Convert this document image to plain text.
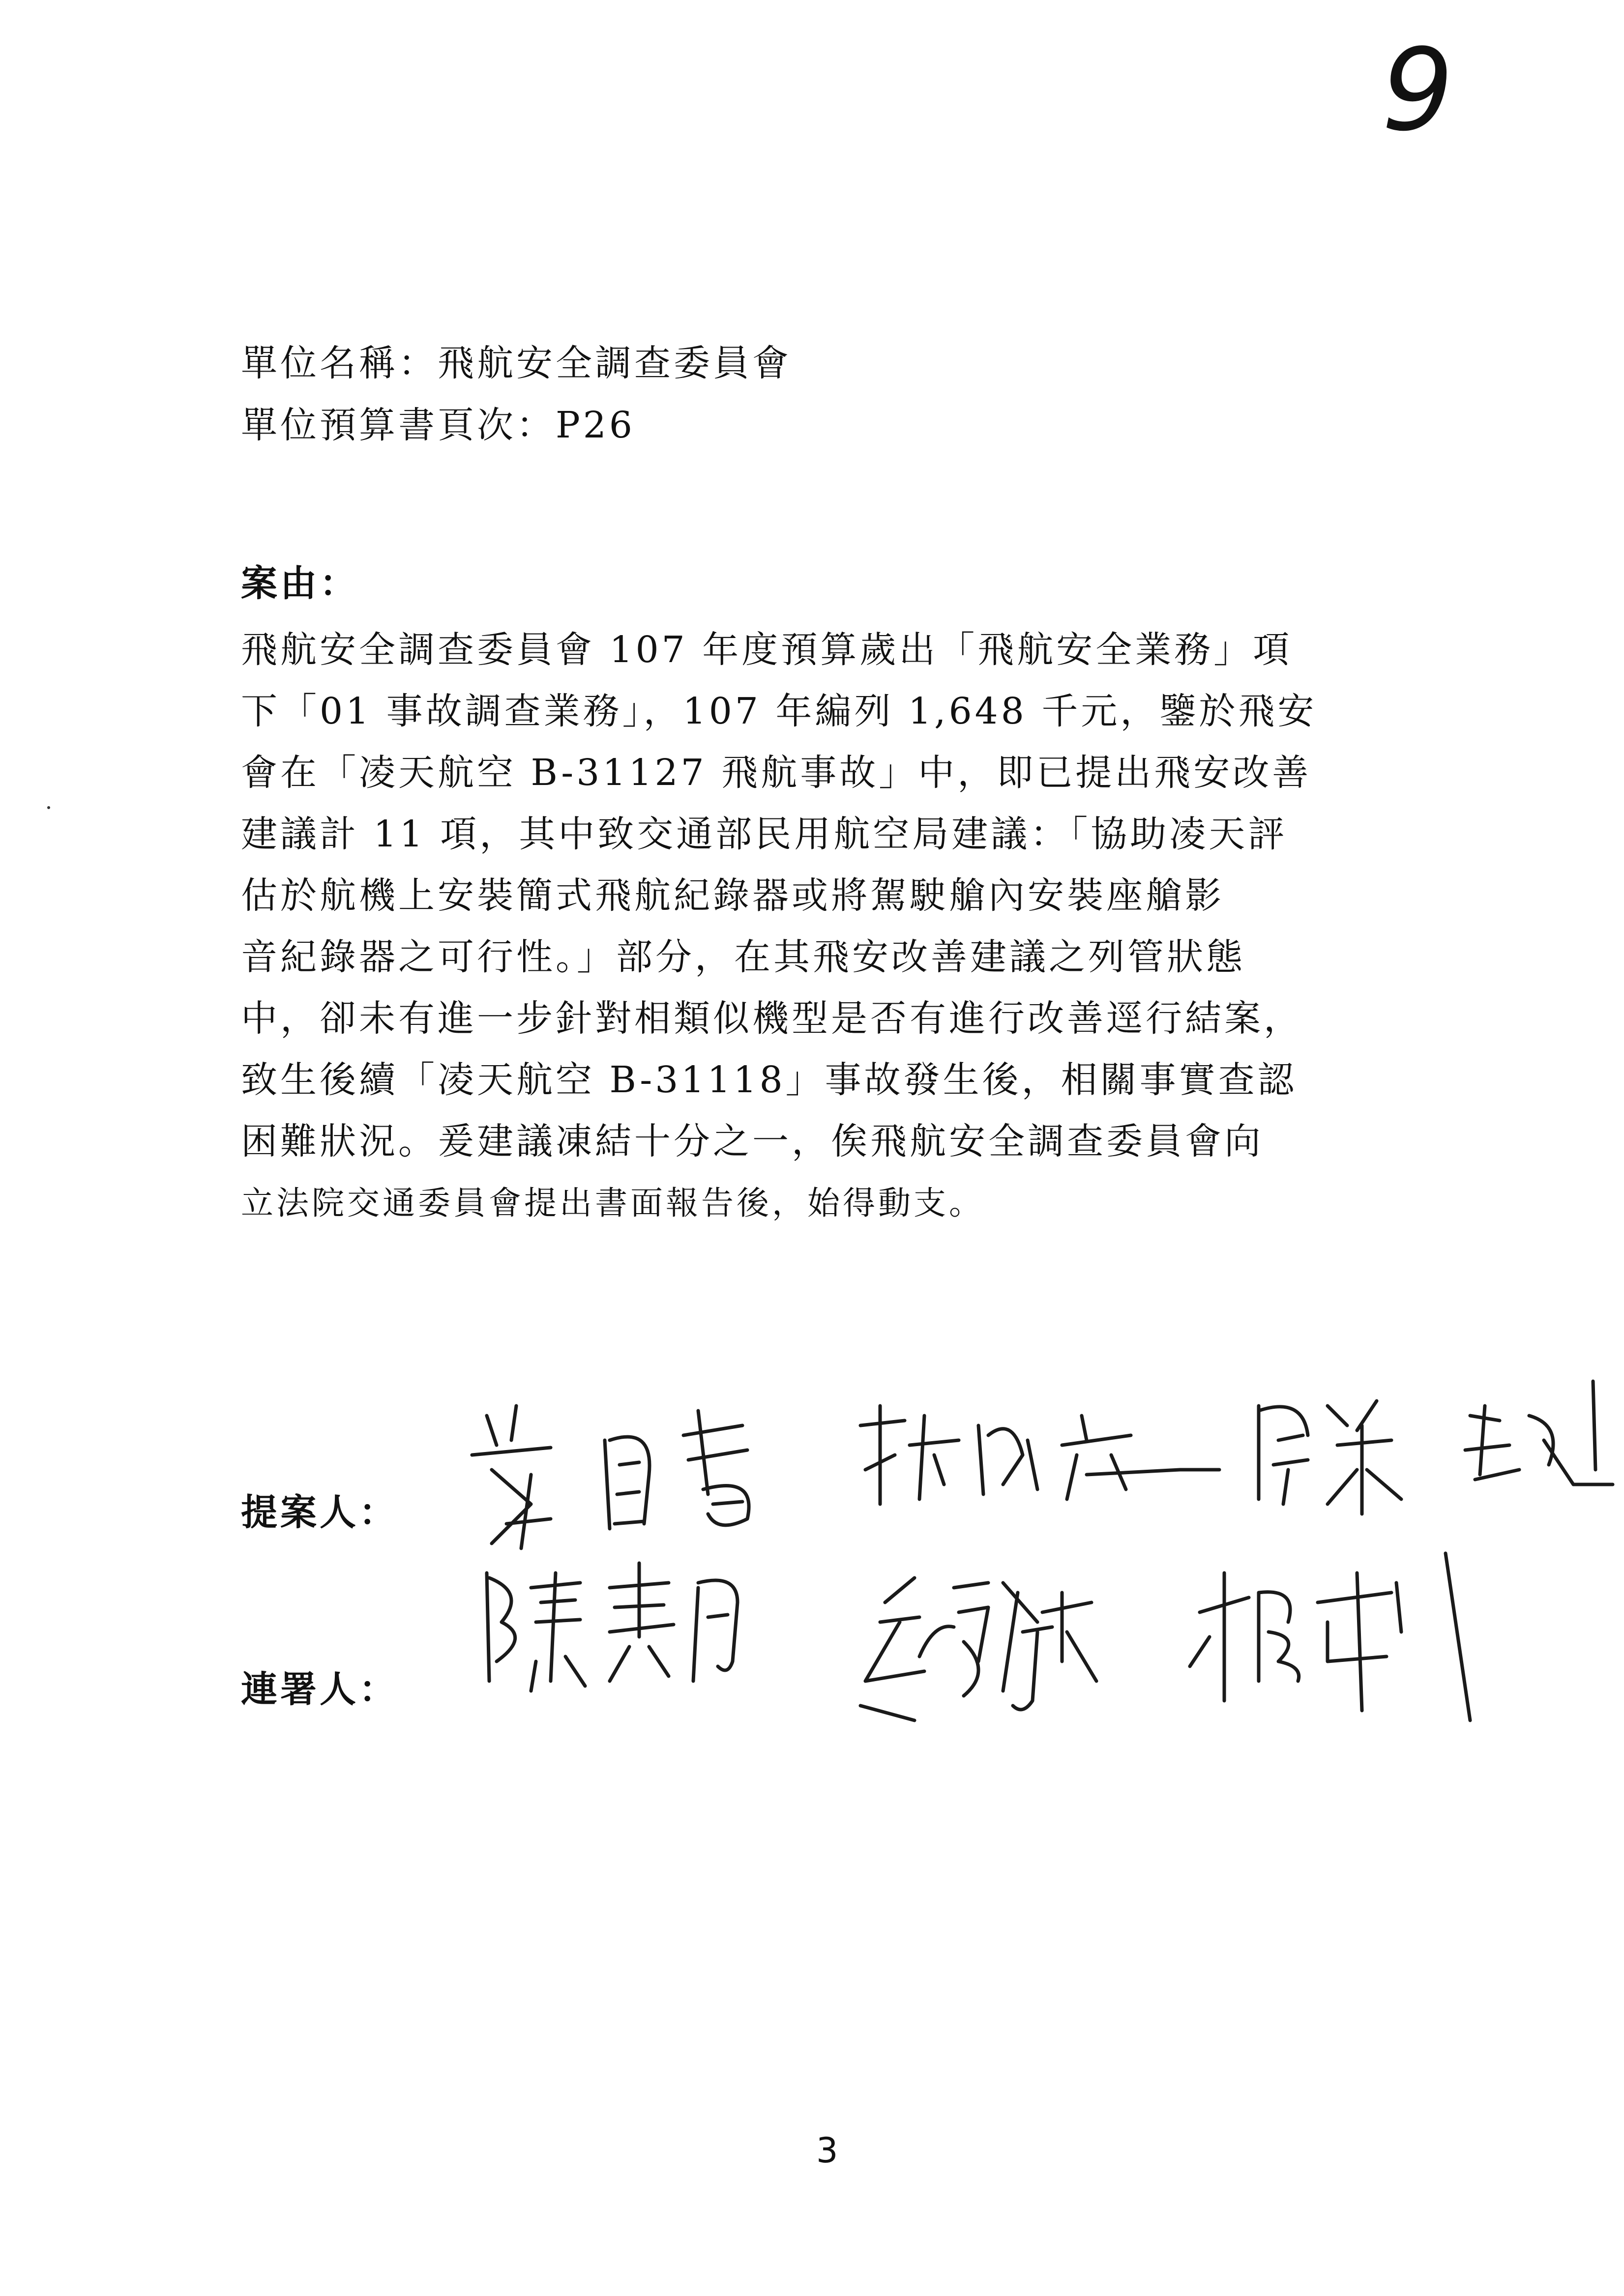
9
單位名稱：飛航安全調查委員會
單位預算書頁次：P26
案由：
飛航安全調查委員會 107 年度預算歲出「飛航安全業務」項
下「01 事故調查業務」，107 年編列 1,648 千元，鑒於飛安
會在「凌天航空 B-31127 飛航事故」中，即已提出飛安改善
建議計 11 項，其中致交通部民用航空局建議：「協助凌天評
估於航機上安裝簡式飛航紀錄器或將駕駛艙內安裝座艙影
音紀錄器之可行性。」部分，在其飛安改善建議之列管狀態
中，卻未有進一步針對相類似機型是否有進行改善逕行結案，
致生後續「凌天航空 B-31118」事故發生後，相關事實查認
困難狀況。爰建議凍結十分之一，俟飛航安全調查委員會向
立法院交通委員會提出書面報告後，始得動支。
提案人：
連署人：
3
